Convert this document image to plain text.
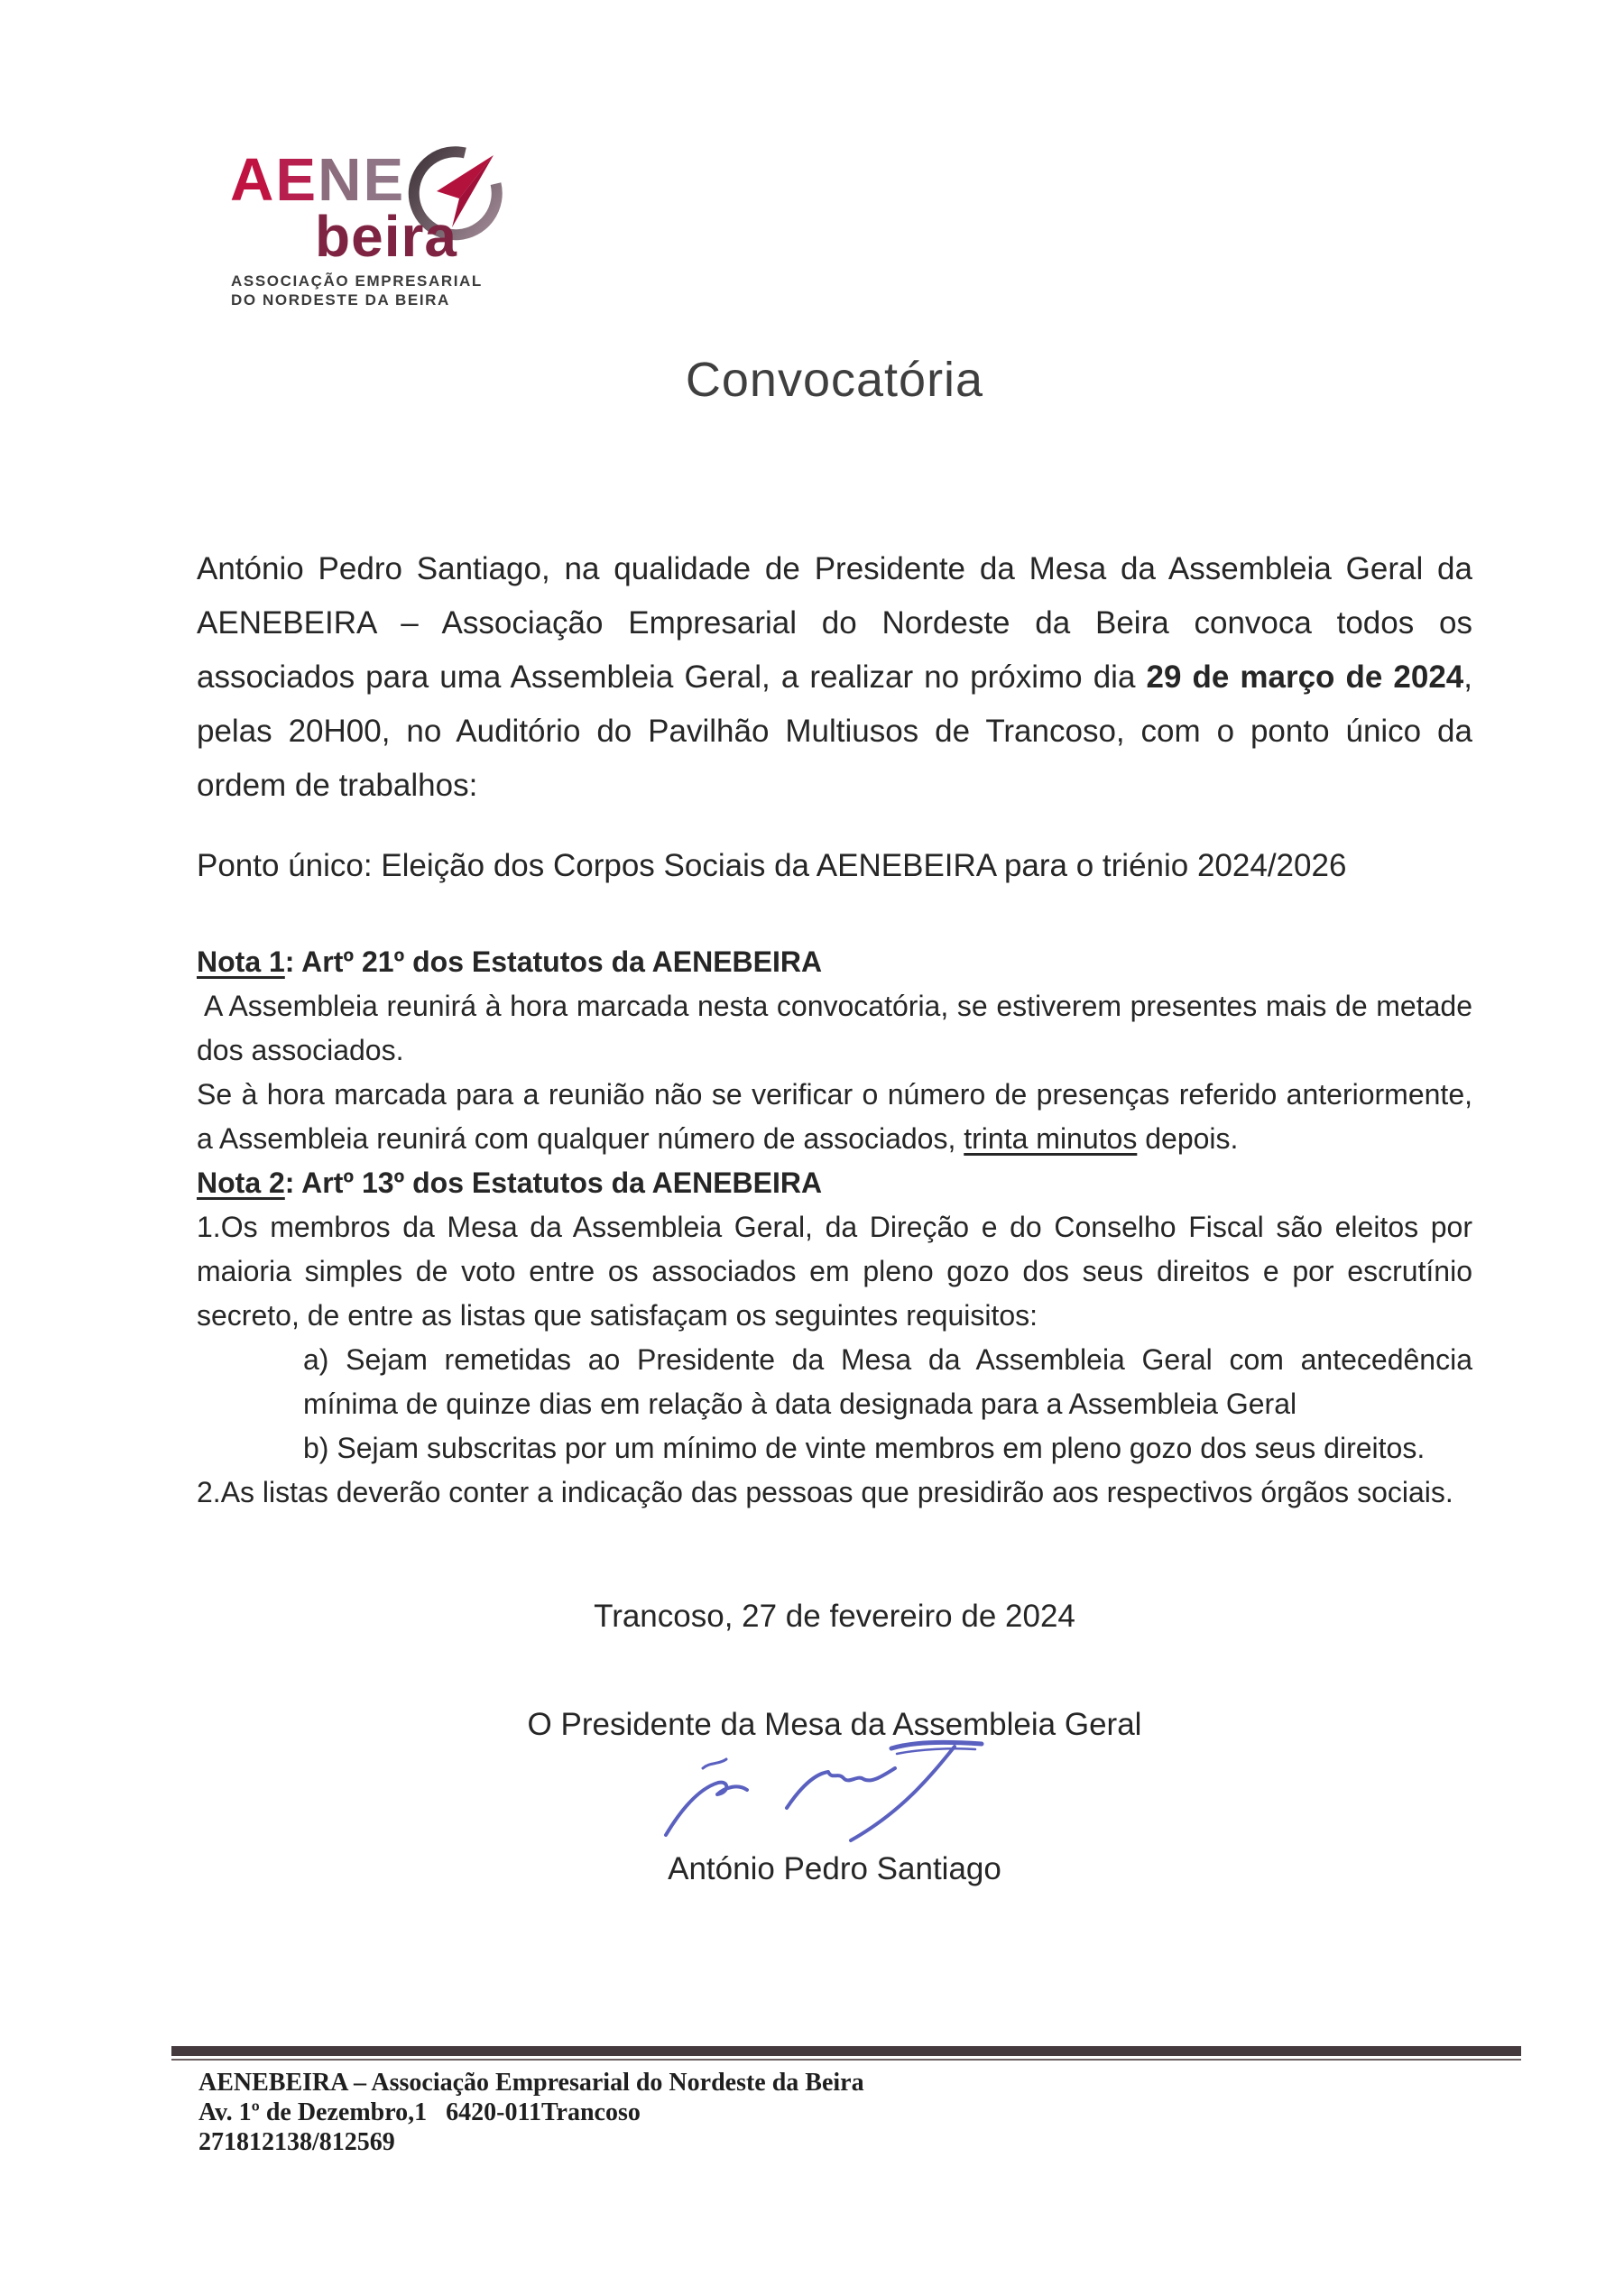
AENE
beira
ASSOCIAÇÃO EMPRESARIAL
DO NORDESTE DA BEIRA
Convocatória

António Pedro Santiago, na qualidade de Presidente da Mesa da Assembleia Geral da AENEBEIRA – Associação Empresarial do Nordeste da Beira convoca todos os associados para uma Assembleia Geral, a realizar no próximo dia 29 de março de 2024, pelas 20H00, no Auditório do Pavilhão Multiusos de Trancoso, com o ponto único da ordem de trabalhos:

Ponto único: Eleição dos Corpos Sociais da AENEBEIRA para o triénio 2024/2026

Nota 1: Artº 21º dos Estatutos da AENEBEIRA

A Assembleia reunirá à hora marcada nesta convocatória, se estiverem presentes mais de metade dos associados.

Se à hora marcada para a reunião não se verificar o número de presenças referido anteriormente, a Assembleia reunirá com qualquer número de associados, trinta minutos depois.

Nota 2: Artº 13º dos Estatutos da AENEBEIRA

1.Os membros da Mesa da Assembleia Geral, da Direção e do Conselho Fiscal são eleitos por maioria simples de voto entre os associados em pleno gozo dos seus direitos e por escrutínio secreto, de entre as listas que satisfaçam os seguintes requisitos:

a) Sejam remetidas ao Presidente da Mesa da Assembleia Geral com antecedência mínima de quinze dias em relação à data designada para a Assembleia Geral

b) Sejam subscritas por um mínimo de vinte membros em pleno gozo dos seus direitos.

2.As listas deverão conter a indicação das pessoas que presidirão aos respectivos órgãos sociais.

Trancoso, 27 de fevereiro de 2024
O Presidente da Mesa da Assembleia Geral
António Pedro Santiago
AENEBEIRA – Associação Empresarial do Nordeste da Beira
Av. 1º de Dezembro,1   6420-011Trancoso
271812138/812569
